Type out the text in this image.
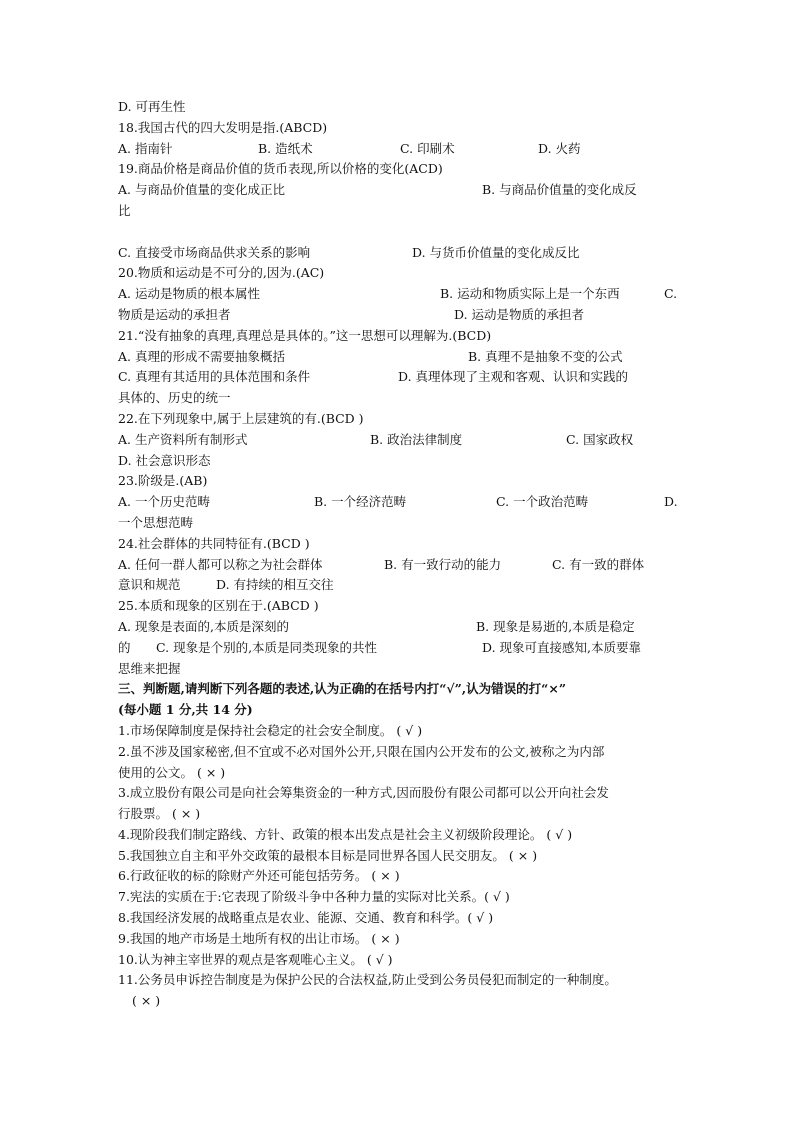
D. 可再生性
18.我国古代的四大发明是指.(ABCD)
A. 指南针	B. 造纸术	C. 印刷术	D. 火药
19.商品价格是商品价值的货币表现,所以价格的变化(ACD)
A. 与商品价值量的变化成正比	B. 与商品价值量的变化成反
比
C. 直接受市场商品供求关系的影响	D. 与货币价值量的变化成反比
20.物质和运动是不可分的,因为.(AC)
A. 运动是物质的根本属性	B. 运动和物质实际上是一个东西	C.
物质是运动的承担者	D. 运动是物质的承担者
21.“没有抽象的真理,真理总是具体的。”这一思想可以理解为.(BCD)
A. 真理的形成不需要抽象概括	B. 真理不是抽象不变的公式
C. 真理有其适用的具体范围和条件	D. 真理体现了主观和客观、认识和实践的
具体的、历史的统一
22.在下列现象中,属于上层建筑的有.(BCD )
A. 生产资料所有制形式	B. 政治法律制度	C. 国家政权
D. 社会意识形态
23.阶级是.(AB)
A. 一个历史范畴	B. 一个经济范畴	C. 一个政治范畴	D.
一个思想范畴
24.社会群体的共同特征有.(BCD )
A. 任何一群人都可以称之为社会群体	B. 有一致行动的能力	C. 有一致的群体
意识和规范	D. 有持续的相互交往
25.本质和现象的区别在于.(ABCD )
A. 现象是表面的,本质是深刻的	B. 现象是易逝的,本质是稳定
的 C. 现象是个别的,本质是同类现象的共性	D. 现象可直接感知,本质要靠
思维来把握
三、判断题,请判断下列各题的表述,认为正确的在括号内打“√”,认为错误的打“×”
(每小题 1 分,共 14 分)
1.市场保障制度是保持社会稳定的社会安全制度。 ( √ )
2.虽不涉及国家秘密,但不宜或不必对国外公开,只限在国内公开发布的公文,被称之为内部
使用的公文。 ( × )
3.成立股份有限公司是向社会筹集资金的一种方式,因而股份有限公司都可以公开向社会发
行股票。 ( × )
4.现阶段我们制定路线、方针、政策的根本出发点是社会主义初级阶段理论。 ( √ )
5.我国独立自主和平外交政策的最根本目标是同世界各国人民交朋友。 ( × )
6.行政征收的标的除财产外还可能包括劳务。 ( × )
7.宪法的实质在于:它表现了阶级斗争中各种力量的实际对比关系。( √ )
8.我国经济发展的战略重点是农业、能源、交通、教育和科学。( √ )
9.我国的地产市场是土地所有权的出让市场。 ( × )
10.认为神主宰世界的观点是客观唯心主义。 ( √ )
11.公务员申诉控告制度是为保护公民的合法权益,防止受到公务员侵犯而制定的一种制度。
( × )
